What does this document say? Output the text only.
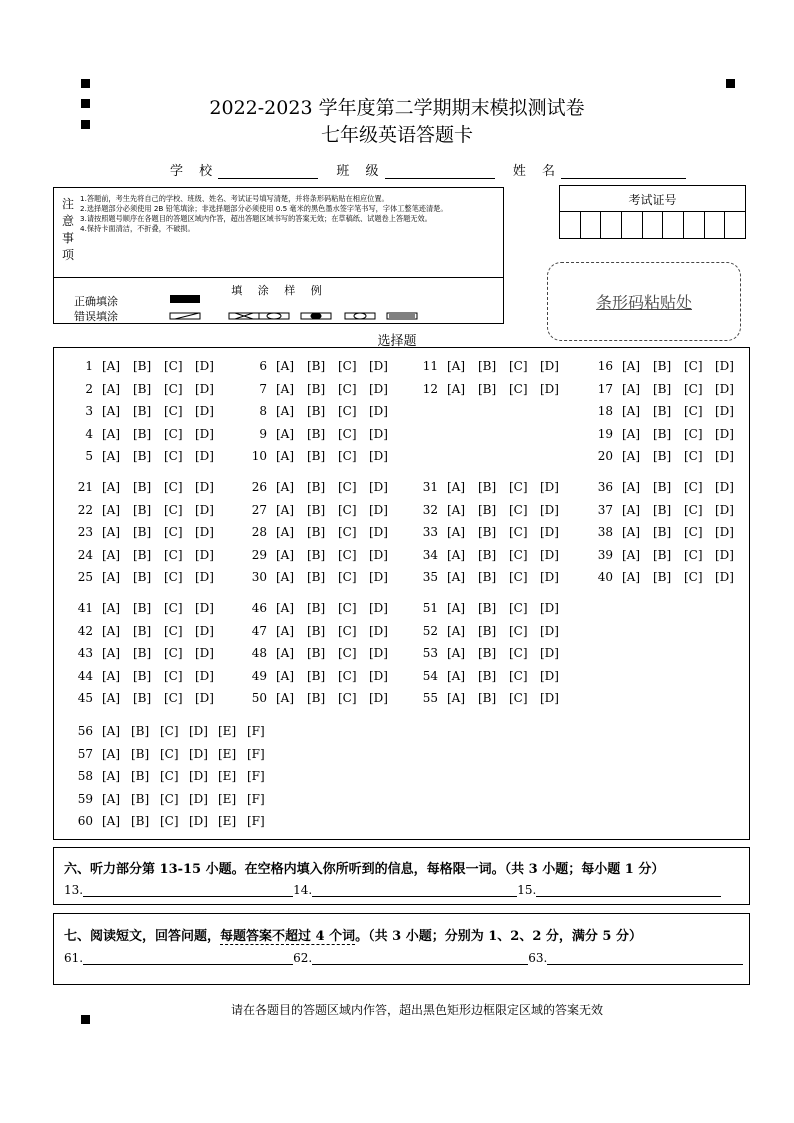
2022-2023 学年度第二学期期末模拟测试卷
七年级英语答题卡
学 校	班 级	姓 名
注意事项
1.答题前，考生先将自己的学校、班级、姓名、考试证号填写清楚，并将条形码粘贴在相应位置。
2.选择题部分必须使用 2B 铅笔填涂；非选择题部分必须使用 0.5 毫米的黑色墨水签字笔书写，字体工整笔迹清楚。
3.请按照题号顺序在各题目的答题区域内作答，超出答题区域书写的答案无效；在草稿纸、试题卷上答题无效。
4.保持卡面清洁，不折叠，不破损。
填 涂 样 例
正确填涂
错误填涂
考试证号
条形码粘贴处
选择题
1 [A] [B] [C] [D]
2 [A] [B] [C] [D]
3 [A] [B] [C] [D]
4 [A] [B] [C] [D]
5 [A] [B] [C] [D]
6 [A] [B] [C] [D]
7 [A] [B] [C] [D]
8 [A] [B] [C] [D]
9 [A] [B] [C] [D]
10 [A] [B] [C] [D]
11 [A] [B] [C] [D]
12 [A] [B] [C] [D]
16 [A] [B] [C] [D]
17 [A] [B] [C] [D]
18 [A] [B] [C] [D]
19 [A] [B] [C] [D]
20 [A] [B] [C] [D]
21 [A] [B] [C] [D]
22 [A] [B] [C] [D]
23 [A] [B] [C] [D]
24 [A] [B] [C] [D]
25 [A] [B] [C] [D]
26 [A] [B] [C] [D]
27 [A] [B] [C] [D]
28 [A] [B] [C] [D]
29 [A] [B] [C] [D]
30 [A] [B] [C] [D]
31 [A] [B] [C] [D]
32 [A] [B] [C] [D]
33 [A] [B] [C] [D]
34 [A] [B] [C] [D]
35 [A] [B] [C] [D]
36 [A] [B] [C] [D]
37 [A] [B] [C] [D]
38 [A] [B] [C] [D]
39 [A] [B] [C] [D]
40 [A] [B] [C] [D]
41 [A] [B] [C] [D]
42 [A] [B] [C] [D]
43 [A] [B] [C] [D]
44 [A] [B] [C] [D]
45 [A] [B] [C] [D]
46 [A] [B] [C] [D]
47 [A] [B] [C] [D]
48 [A] [B] [C] [D]
49 [A] [B] [C] [D]
50 [A] [B] [C] [D]
51 [A] [B] [C] [D]
52 [A] [B] [C] [D]
53 [A] [B] [C] [D]
54 [A] [B] [C] [D]
55 [A] [B] [C] [D]
56 [A] [B] [C] [D] [E] [F]
57 [A] [B] [C] [D] [E] [F]
58 [A] [B] [C] [D] [E] [F]
59 [A] [B] [C] [D] [E] [F]
60 [A] [B] [C] [D] [E] [F]
六、听力部分第 13-15 小题。在空格内填入你所听到的信息，每格限一词。（共 3 小题；每小题 1 分）
13.	14.	15.
七、阅读短文，回答问题，每题答案不超过 4 个词。（共 3 小题；分别为 1、2、2 分，满分 5 分）
61.	62.	63.
请在各题目的答题区域内作答，超出黑色矩形边框限定区域的答案无效
